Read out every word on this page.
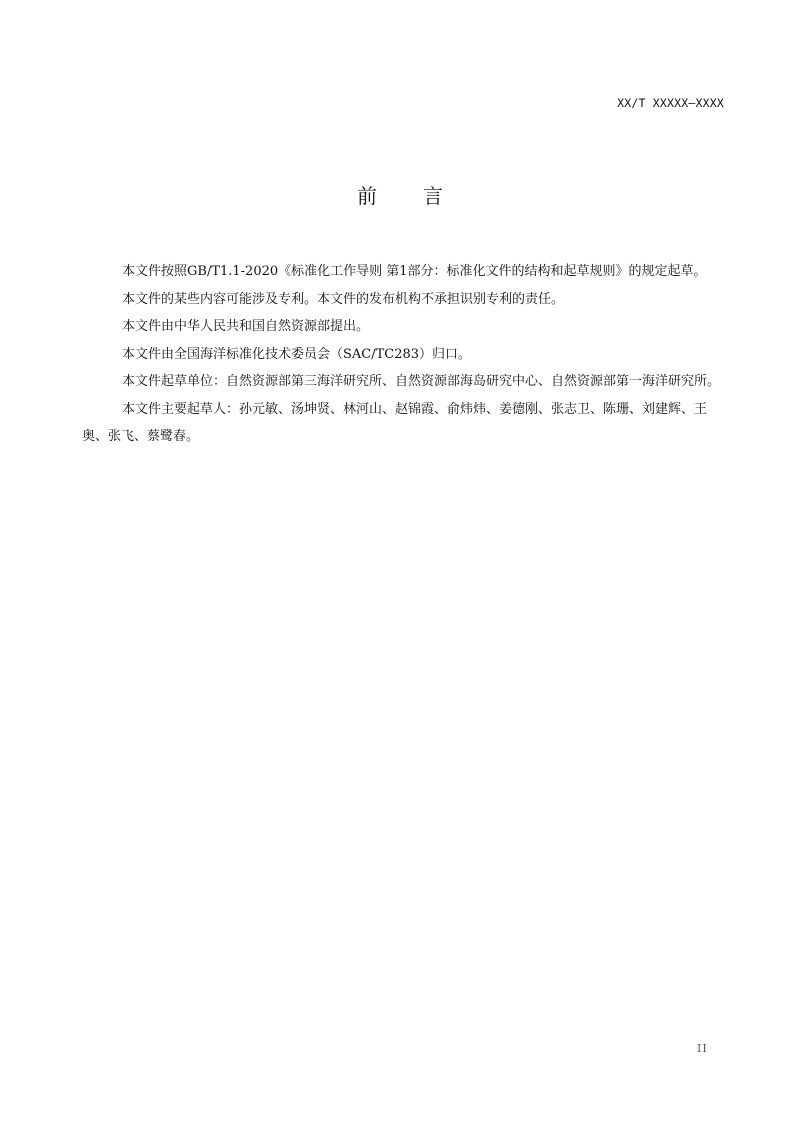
XX/T XXXXX—XXXX
前 言

本文件按照GB/T1.1-2020《标准化工作导则 第1部分：标准化文件的结构和起草规则》的规定起草。

本文件的某些内容可能涉及专利。本文件的发布机构不承担识别专利的责任。

本文件由中华人民共和国自然资源部提出。

本文件由全国海洋标准化技术委员会（SAC/TC283）归口。

本文件起草单位：自然资源部第三海洋研究所、自然资源部海岛研究中心、自然资源部第一海洋研究所。

本文件主要起草人：孙元敏、汤坤贤、林河山、赵锦霞、俞炜炜、姜德刚、张志卫、陈珊、刘建辉、王奥、张飞、蔡鹭春。

II
